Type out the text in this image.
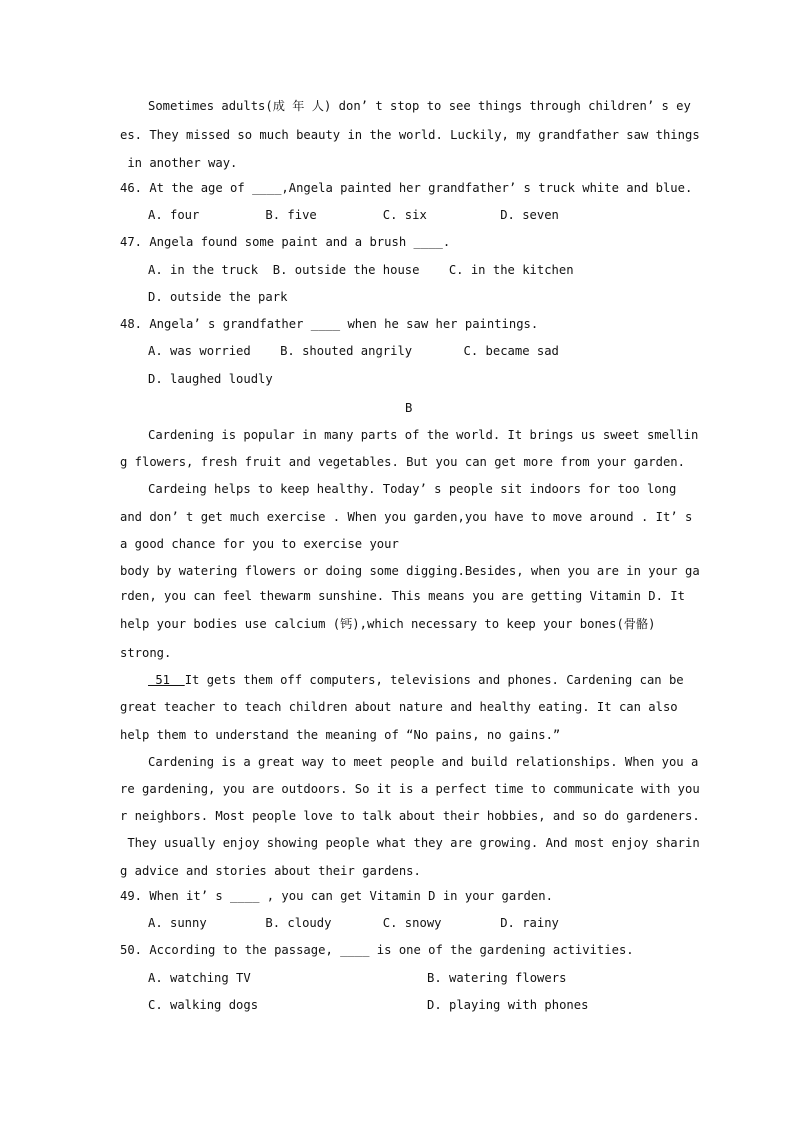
Sometimes adults(成 年 人) don’ t stop to see things through children’ s ey
es. They missed so much beauty in the world. Luckily, my grandfather saw things
in another way.
46. At the age of ____,Angela painted her grandfather’ s truck white and blue.
A. four         B. five         C. six          D. seven
47. Angela found some paint and a brush ____.
A. in the truck  B. outside the house    C. in the kitchen
D. outside the park
48. Angela’ s grandfather ____ when he saw her paintings.
A. was worried    B. shouted angrily       C. became sad
D. laughed loudly
B
Cardening is popular in many parts of the world. It brings us sweet smellin
g flowers, fresh fruit and vegetables. But you can get more from your garden.
Cardeing helps to keep healthy. Today’ s people sit indoors for too long
and don’ t get much exercise . When you garden,you have to move around . It’ s
a good chance for you to exercise your
body by watering flowers or doing some digging.Besides, when you are in your ga
rden, you can feel thewarm sunshine. This means you are getting Vitamin D. It
help your bodies use calcium (钙),which necessary to keep your bones(骨骼)
strong.
51  It gets them off computers, televisions and phones. Cardening can be
great teacher to teach children about nature and healthy eating. It can also
help them to understand the meaning of “No pains, no gains.”
Cardening is a great way to meet people and build relationships. When you a
re gardening, you are outdoors. So it is a perfect time to communicate with you
r neighbors. Most people love to talk about their hobbies, and so do gardeners.
They usually enjoy showing people what they are growing. And most enjoy sharin
g advice and stories about their gardens.
49. When it’ s ____ , you can get Vitamin D in your garden.
A. sunny        B. cloudy       C. snowy        D. rainy
50. According to the passage, ____ is one of the gardening activities.
A. watching TV	B. watering flowers
C. walking dogs	D. playing with phones
